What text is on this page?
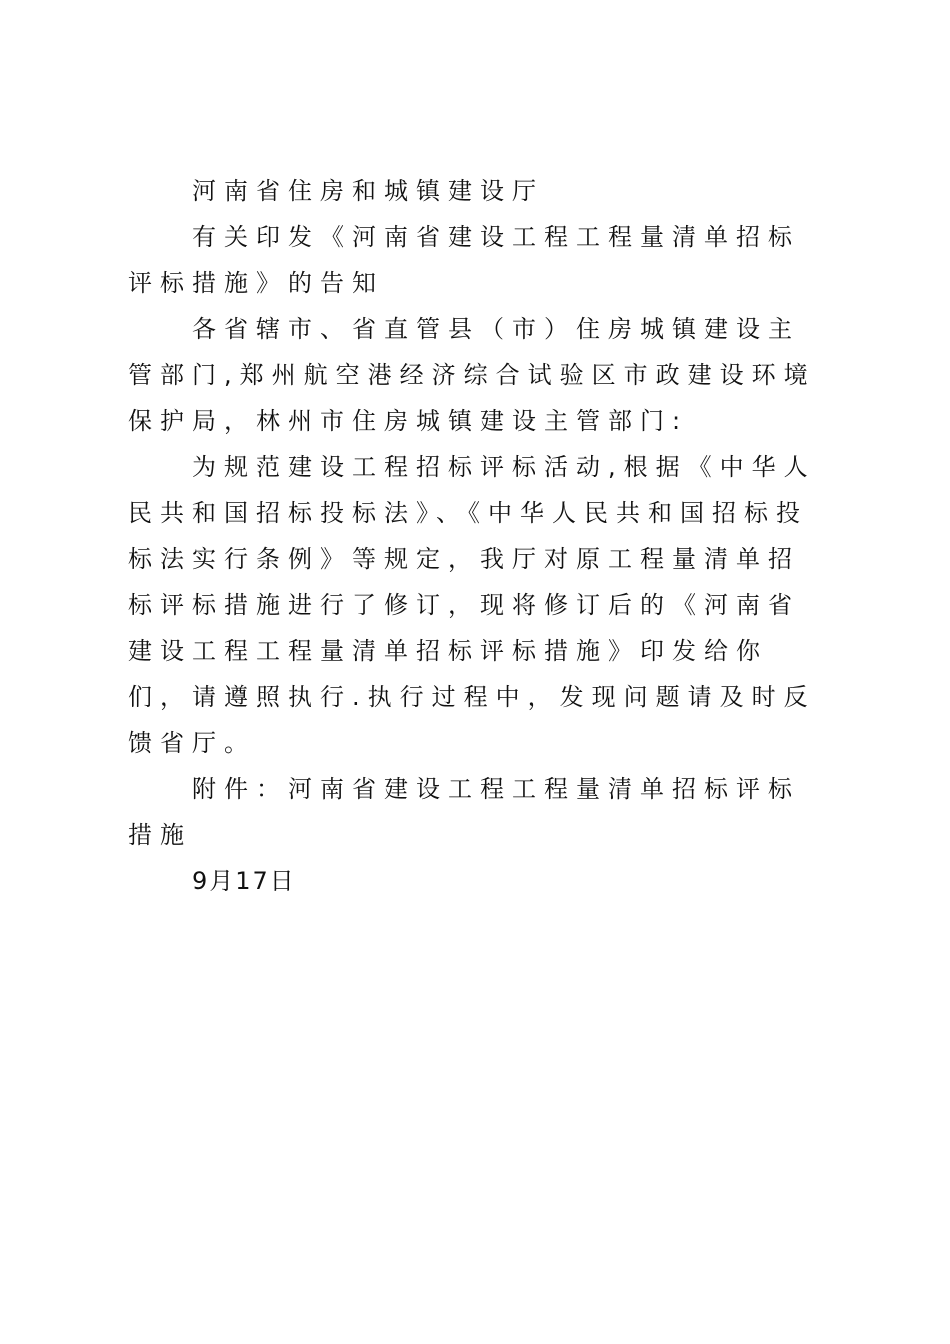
河南省住房和城镇建设厅

有关印发《河南省建设工程工程量清单招标评标措施》的告知

各省辖市、省直管县（市）住房城镇建设主管部门,郑州航空港经济综合试验区市政建设环境保护局，林州市住房城镇建设主管部门:

为规范建设工程招标评标活动,根据《中华人民共和国招标投标法》、《中华人民共和国招标投标法实行条例》等规定，我厅对原工程量清单招标评标措施进行了修订，现将修订后的《河南省建设工程工程量清单招标评标措施》印发给你们，请遵照执行.执行过程中，发现问题请及时反馈省厅。

附件：河南省建设工程工程量清单招标评标措施

9月17日
